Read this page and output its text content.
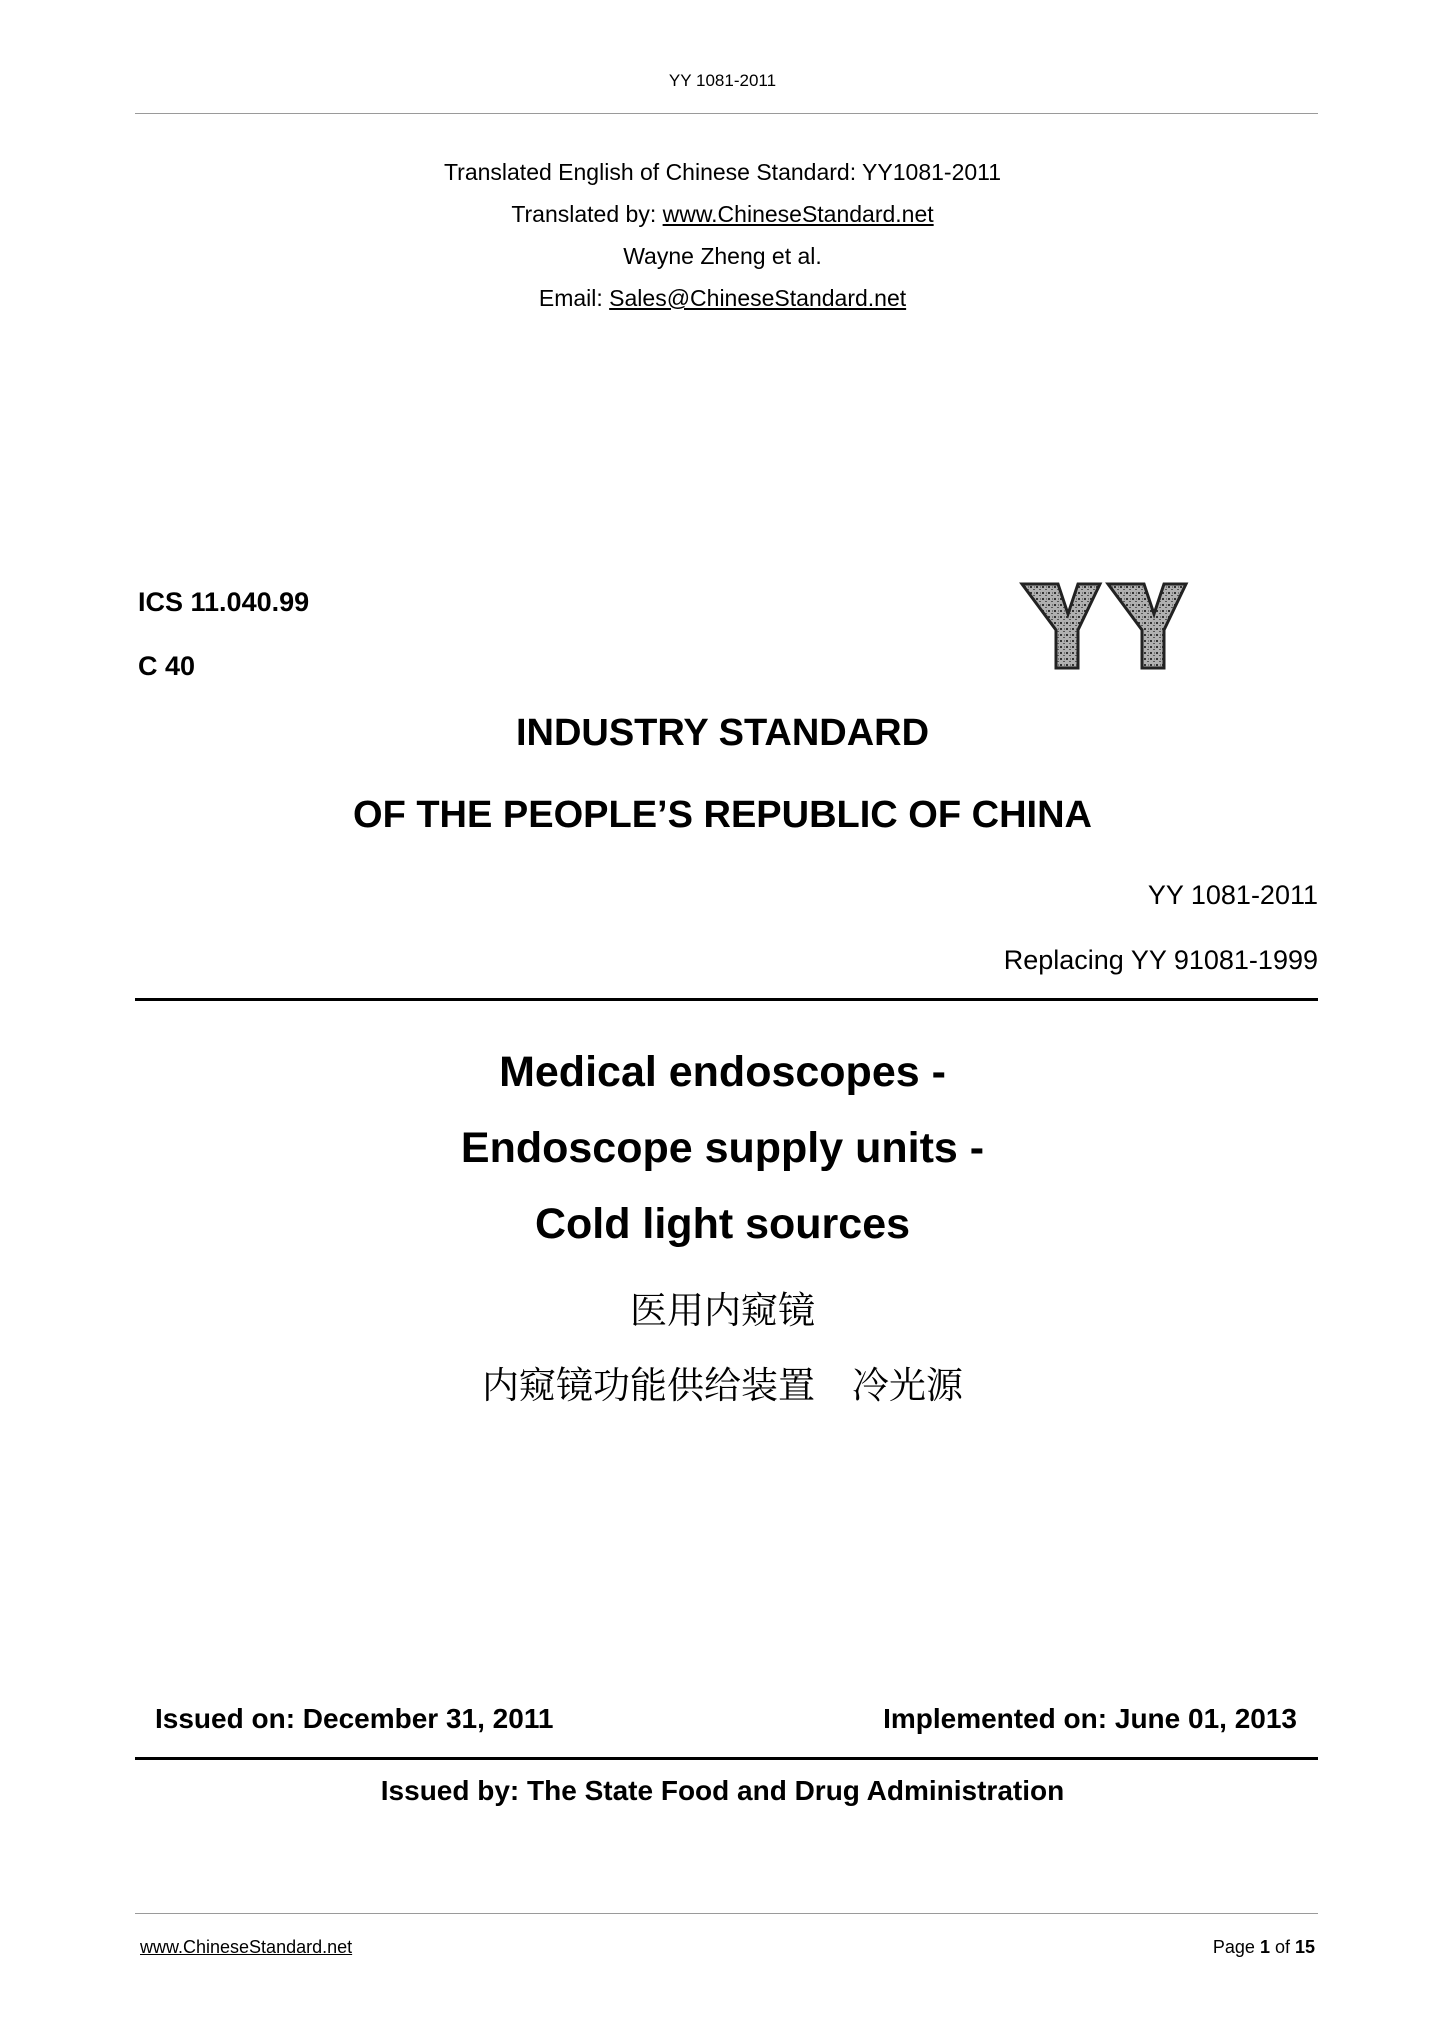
YY 1081-2011
Translated English of Chinese Standard: YY1081-2011
Translated by: www.ChineseStandard.net
Wayne Zheng et al.
Email: Sales@ChineseStandard.net
ICS 11.040.99
C 40
INDUSTRY STANDARD
OF THE PEOPLE’S REPUBLIC OF CHINA
YY 1081-2011
Replacing YY 91081-1999
Medical endoscopes -
Endoscope supply units -
Cold light sources
医用内窥镜
内窥镜功能供给装置　冷光源
Issued on: December 31, 2011	Implemented on: June 01, 2013
Issued by: The State Food and Drug Administration
www.ChineseStandard.net	Page 1 of 15
